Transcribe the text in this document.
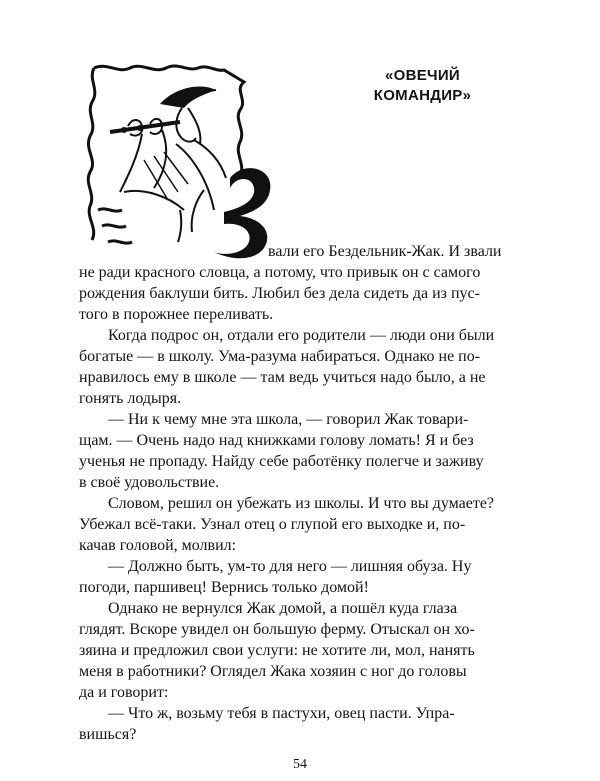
«ОВЕЧИЙ
КОМАНДИР»
вали его Бездельник-Жак. И звали
не ради красного словца, а потому, что привык он с самого
рождения баклуши бить. Любил без дела сидеть да из пус-
того в порожнее переливать.
Когда подрос он, отдали его родители — люди они были
богатые — в школу. Ума-разума набираться. Однако не по-
нравилось ему в школе — там ведь учиться надо было, а не
гонять лодыря.
— Ни к чему мне эта школа, — говорил Жак товари-
щам. — Очень надо над книжками голову ломать! Я и без
ученья не пропаду. Найду себе работёнку полегче и заживу
в своё удовольствие.
Словом, решил он убежать из школы. И что вы думаете?
Убежал всё-таки. Узнал отец о глупой его выходке и, по-
качав головой, молвил:
— Должно быть, ум-то для него — лишняя обуза. Ну
погоди, паршивец! Вернись только домой!
Однако не вернулся Жак домой, а пошёл куда глаза
глядят. Вскоре увидел он большую ферму. Отыскал он хо-
зяина и предложил свои услуги: не хотите ли, мол, нанять
меня в работники? Оглядел Жака хозяин с ног до головы
да и говорит:
— Что ж, возьму тебя в пастухи, овец пасти. Упра-
вишься?
54
